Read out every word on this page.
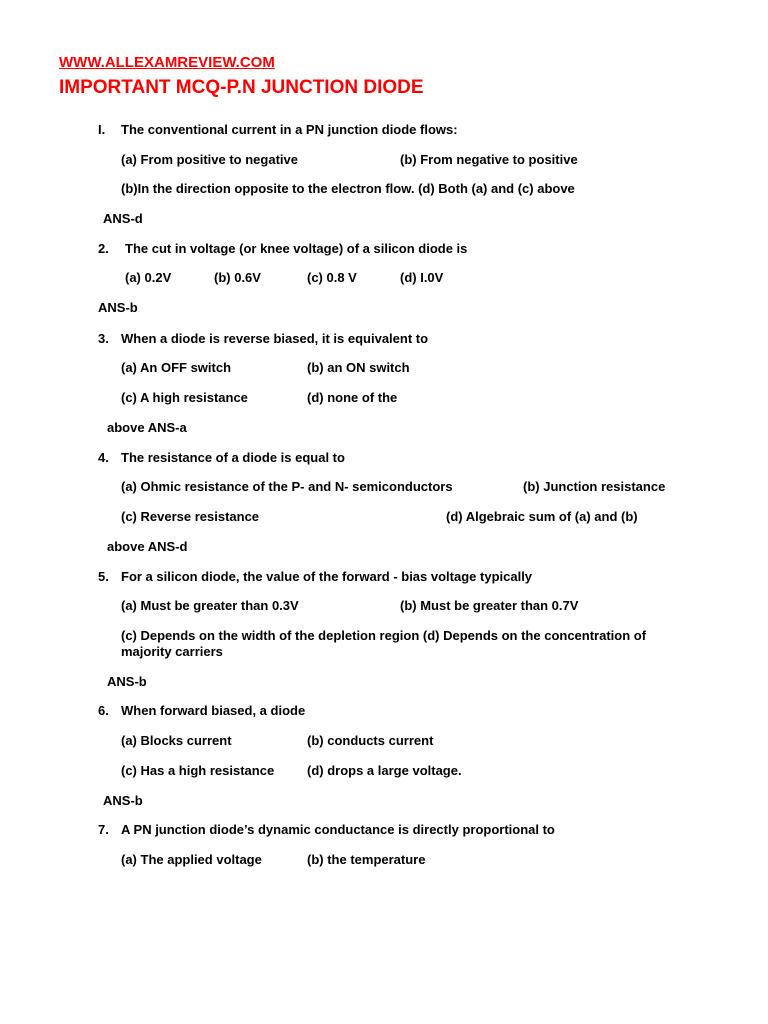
WWW.ALLEXAMREVIEW.COM
IMPORTANT MCQ-P.N JUNCTION DIODE
I. The conventional current in a PN junction diode flows:
(a) From positive to negative	(b) From negative to positive
(b)In the direction opposite to the electron flow. (d) Both (a) and (c) above
ANS-d
2. The cut in voltage (or knee voltage) of a silicon diode is
(a) 0.2V	(b) 0.6V	(c) 0.8 V	(d) I.0V
ANS-b
3. When a diode is reverse biased, it is equivalent to
(a) An OFF switch	(b) an ON switch
(c) A high resistance	(d) none of the
above ANS-a
4. The resistance of a diode is equal to
(a) Ohmic resistance of the P- and N- semiconductors	(b) Junction resistance
(c) Reverse resistance	(d) Algebraic sum of (a) and (b)
above ANS-d
5. For a silicon diode, the value of the forward - bias voltage typically
(a) Must be greater than 0.3V	(b) Must be greater than 0.7V
(c) Depends on the width of the depletion region (d) Depends on the concentration of
majority carriers
ANS-b
6. When forward biased, a diode
(a) Blocks current	(b) conducts current
(c) Has a high resistance	(d) drops a large voltage.
ANS-b
7. A PN junction diode’s dynamic conductance is directly proportional to
(a) The applied voltage	(b) the temperature
